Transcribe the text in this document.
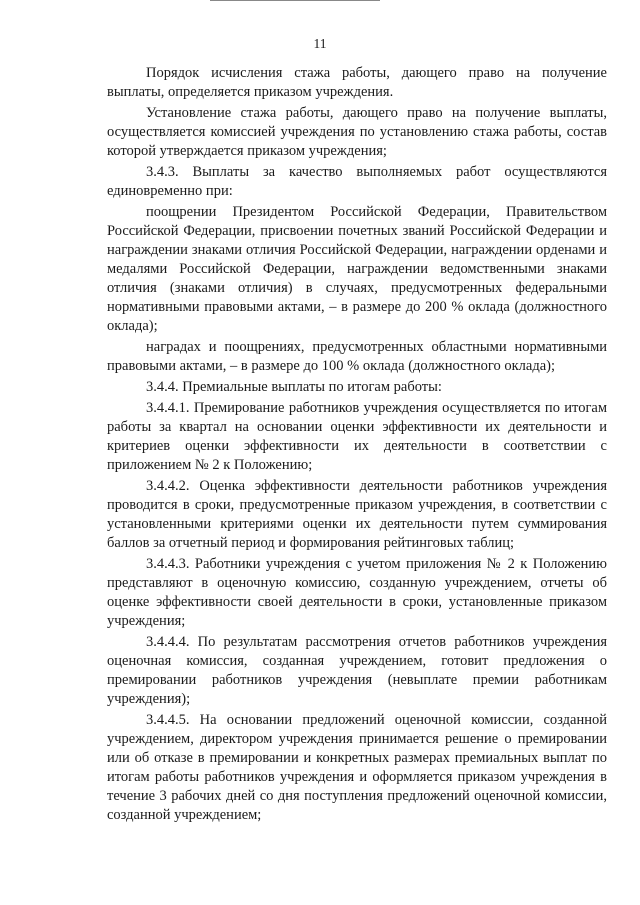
11

Порядок исчисления стажа работы, дающего право на получение выплаты, определяется приказом учреждения.

Установление стажа работы, дающего право на получение выплаты, осуществляется комиссией учреждения по установлению стажа работы, состав которой утверждается приказом учреждения;

3.4.3. Выплаты за качество выполняемых работ осуществляются единовременно при:

поощрении Президентом Российской Федерации, Правительством Российской Федерации, присвоении почетных званий Российской Федерации и награждении знаками отличия Российской Федерации, награждении орденами и медалями Российской Федерации, награждении ведомственными знаками отличия (знаками отличия) в случаях, предусмотренных федеральными нормативными правовыми актами, – в размере до 200 % оклада (должностного оклада);

наградах и поощрениях, предусмотренных областными нормативными правовыми актами, – в размере до 100 % оклада (должностного оклада);

3.4.4. Премиальные выплаты по итогам работы:

3.4.4.1. Премирование работников учреждения осуществляется по итогам работы за квартал на основании оценки эффективности их деятельности и критериев оценки эффективности их деятельности в соответствии с приложением № 2 к Положению;

3.4.4.2. Оценка эффективности деятельности работников учреждения проводится в сроки, предусмотренные приказом учреждения, в соответствии с установленными критериями оценки их деятельности путем суммирования баллов за отчетный период и формирования рейтинговых таблиц;

3.4.4.3. Работники учреждения с учетом приложения № 2 к Положению представляют в оценочную комиссию, созданную учреждением, отчеты об оценке эффективности своей деятельности в сроки, установленные приказом учреждения;

3.4.4.4. По результатам рассмотрения отчетов работников учреждения оценочная комиссия, созданная учреждением, готовит предложения о премировании работников учреждения (невыплате премии работникам учреждения);

3.4.4.5. На основании предложений оценочной комиссии, созданной учреждением, директором учреждения принимается решение о премировании или об отказе в премировании и конкретных размерах премиальных выплат по итогам работы работников учреждения и оформляется приказом учреждения в течение 3 рабочих дней со дня поступления предложений оценочной комиссии, созданной учреждением;
